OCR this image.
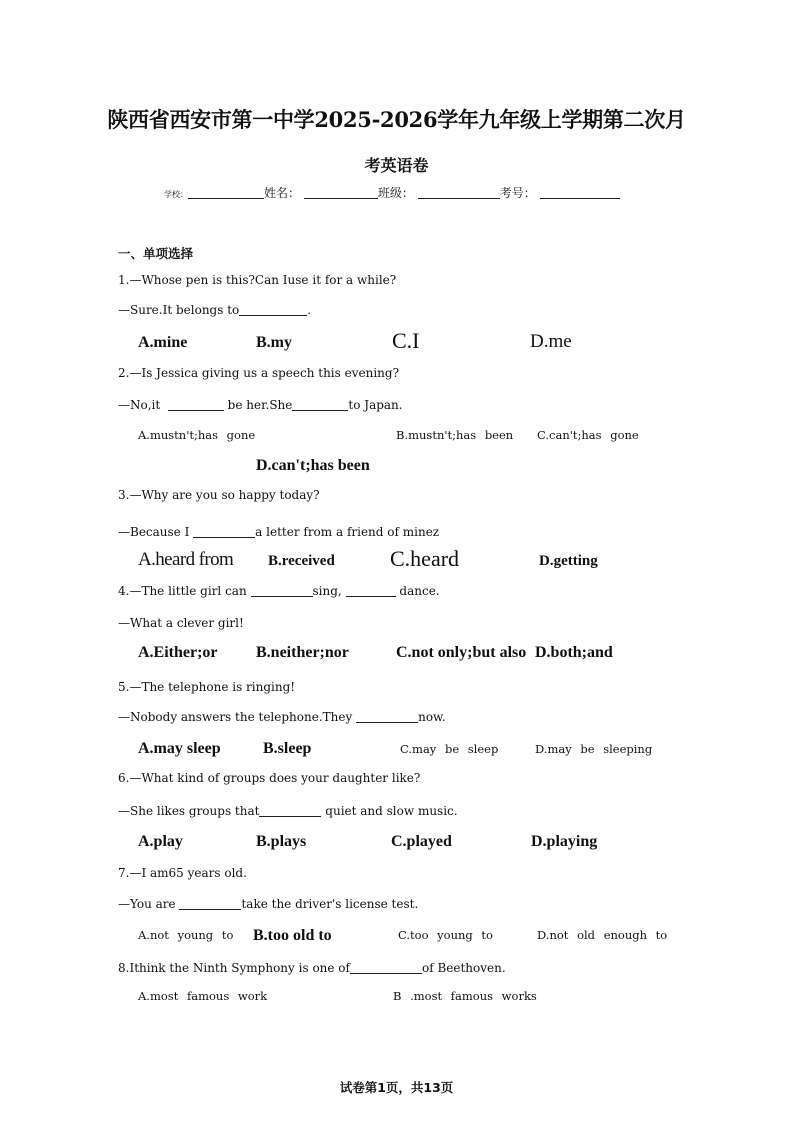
陕西省西安市第一中学2025-2026学年九年级上学期第二次月
考英语卷
学校：	姓名：	班级：	考号：
一、单项选择
1.—Whose pen is this?Can Iuse it for a while?
—Sure.It belongs to	.
A.mine	B.my	C.I	D.me
2.—Is Jessica giving us a speech this evening?
—No,it	be her.She	to Japan.
A.mustn't;has gone	B.mustn't;has been C.can't;has gone
D.can't;has been
3.—Why are you so happy today?
—Because I	a letter from a friend of minez
A.heard from B.received	C.heard	D.getting
4.—The little girl can	sing,	dance.
—What a clever girl!
A.Either;or B.neither;nor	C.not only;but also D.both;and
5.—The telephone is ringing!
—Nobody answers the telephone.They	now.
A.may sleep	B.sleep	C.may be sleep	D.may be sleeping
6.—What kind of groups does your daughter like?
—She likes groups that	quiet and slow music.
A.play	B.plays	C.played	D.playing
7.—I am65 years old.
—You are	take the driver's license test.
A.not young to B.too old to	C.too young to	D.not old enough to
8.Ithink the Ninth Symphony is one of	of Beethoven.
A.most famous work	B .most famous works
试卷第1页，共13页
